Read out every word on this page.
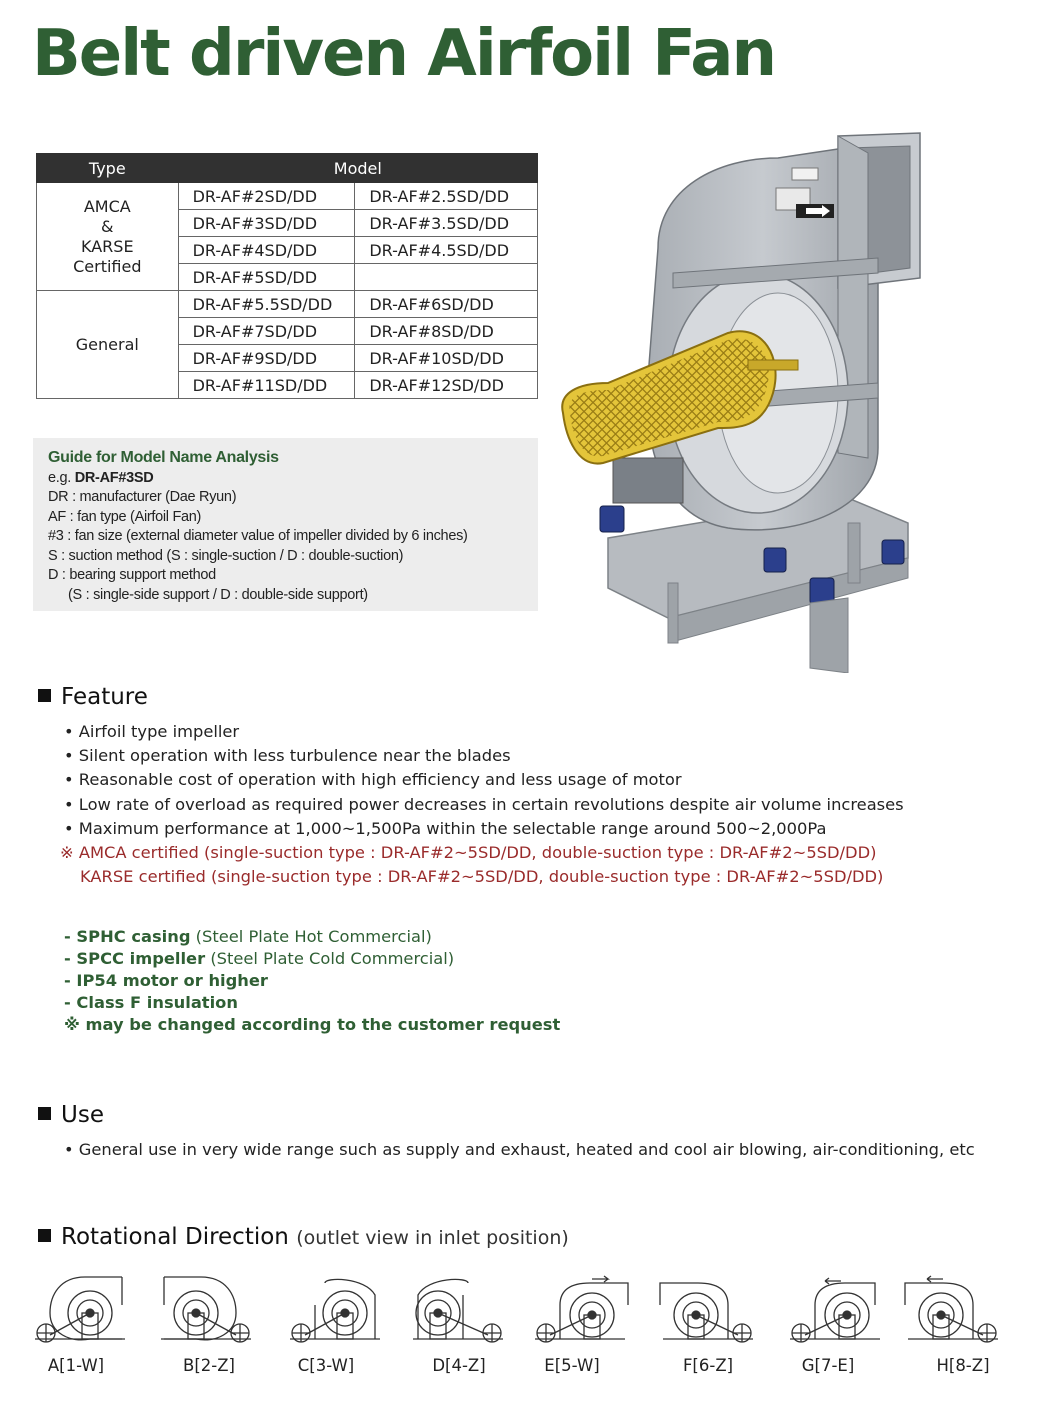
Belt driven Airfoil Fan
Type	Model	

AMCA
&
KARSE
Certified	DR-AF#2SD/DD	DR-AF#2.5SD/DD
	DR-AF#3SD/DD	DR-AF#3.5SD/DD
	DR-AF#4SD/DD	DR-AF#4.5SD/DD
	DR-AF#5SD/DD	
General	DR-AF#5.5SD/DD	DR-AF#6SD/DD
	DR-AF#7SD/DD	DR-AF#8SD/DD
	DR-AF#9SD/DD	DR-AF#10SD/DD
	DR-AF#11SD/DD	DR-AF#12SD/DD
Guide for Model Name Analysis
e.g. DR-AF#3SD
DR : manufacturer (Dae Ryun)
AF : fan type (Airfoil Fan)
#3 : fan size (external diameter value of impeller divided by 6 inches)
S : suction method (S : single-suction / D : double-suction)
D : bearing support method
(S : single-side support / D : double-side support)
Feature
• Airfoil type impeller
• Silent operation with less turbulence near the blades
• Reasonable cost of operation with high efficiency and less usage of motor
• Low rate of overload as required power decreases in certain revolutions despite air volume increases
• Maximum performance at 1,000~1,500Pa within the selectable range around 500~2,000Pa
※ AMCA certified (single-suction type : DR-AF#2~5SD/DD, double-suction type : DR-AF#2~5SD/DD)
KARSE certified (single-suction type : DR-AF#2~5SD/DD, double-suction type : DR-AF#2~5SD/DD)
- SPHC casing (Steel Plate Hot Commercial)
- SPCC impeller (Steel Plate Cold Commercial)
- IP54 motor or higher
- Class F insulation
※ may be changed according to the customer request
Use
• General use in very wide range such as supply and exhaust, heated and cool air blowing, air-conditioning, etc
Rotational Direction (outlet view in inlet position)
A[1-W]	B[2-Z]	C[3-W]	D[4-Z]	E[5-W]	F[6-Z]	G[7-E]	H[8-Z]
